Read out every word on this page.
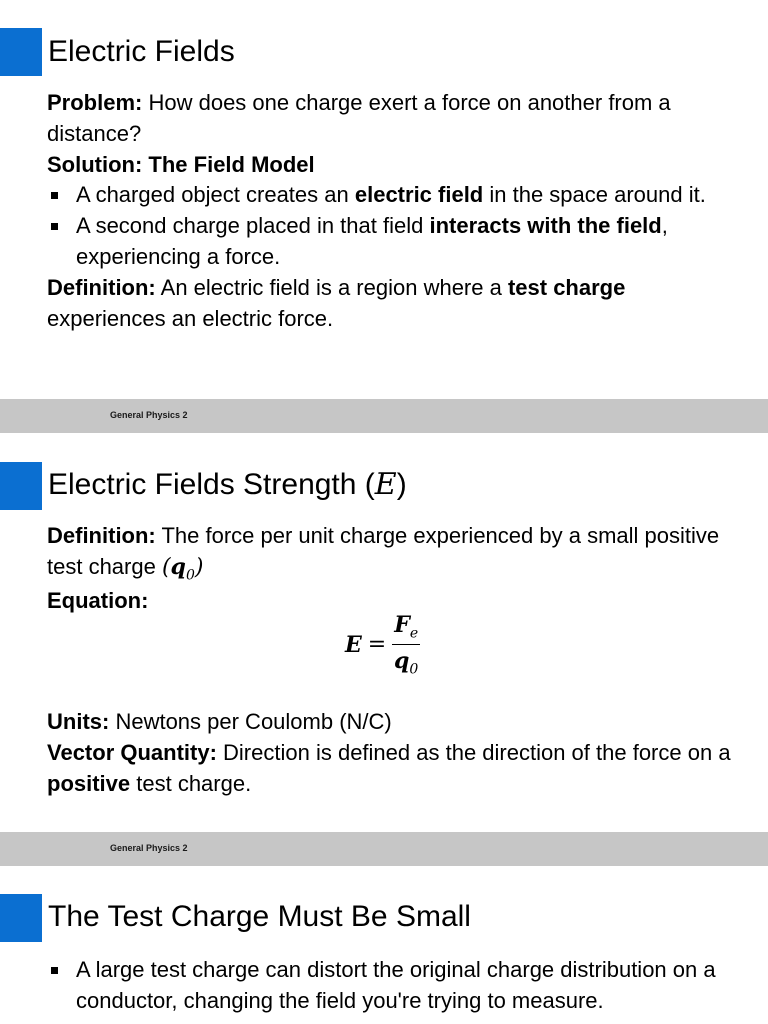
Electric Fields

Problem: How does one charge exert a force on another from a distance?

Solution: The Field Model

A charged object creates an electric field in the space around it.
A second charge placed in that field interacts with the field, experiencing a force.

Definition: An electric field is a region where a test charge experiences an electric force.

General Physics 2
Electric Fields Strength (E)

Definition: The force per unit charge experienced by a small positive test charge $(q_0)$

Equation:

$E = \frac{F_e}{q_0}$

Units: Newtons per Coulomb (N/C)

Vector Quantity: Direction is defined as the direction of the force on a positive test charge.

General Physics 2
The Test Charge Must Be Small
A large test charge can distort the original charge distribution on a conductor, changing the field you're trying to measure.
